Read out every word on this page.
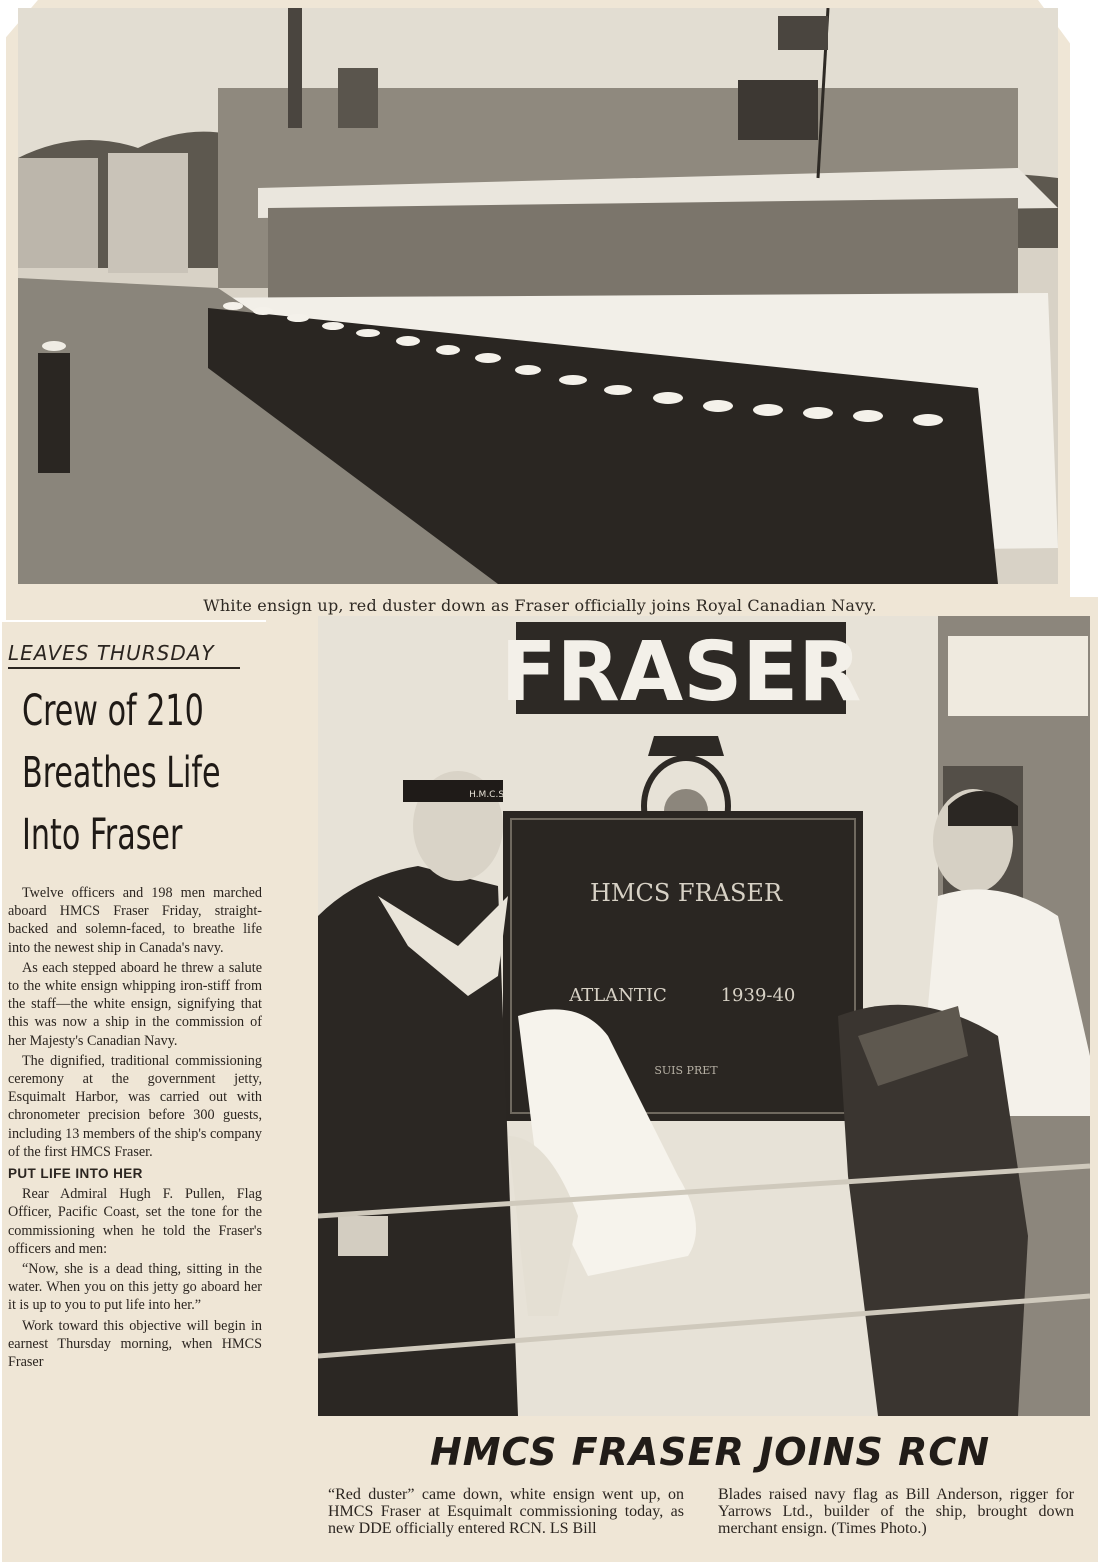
White ensign up, red duster down as Fraser officially joins Royal Canadian Navy.
LEAVES THURSDAY
Crew of 210
Breathes Life
Into Fraser

Twelve officers and 198 men marched aboard HMCS Fraser Friday, straight-backed and solemn-faced, to breathe life into the newest ship in Canada's navy.

As each stepped aboard he threw a salute to the white ensign whipping iron-stiff from the staff—the white ensign, signifying that this was now a ship in the commission of her Majesty's Canadian Navy.

The dignified, traditional commissioning ceremony at the government jetty, Esquimalt Harbor, was carried out with chronometer precision before 300 guests, including 13 members of the ship's company of the first HMCS Fraser.

PUT LIFE INTO HER

Rear Admiral Hugh F. Pullen, Flag Officer, Pacific Coast, set the tone for the commissioning when he told the Fraser's officers and men:

“Now, she is a dead thing, sitting in the water. When you on this jetty go aboard her it is up to you to put life into her.”

Work toward this objective will begin in earnest Thursday morning, when HMCS Fraser

FRASER
HMCS FRASER
ATLANTIC	1939-40
SUIS PRET
H.M.C.S.
HMCS FRASER JOINS RCN
“Red duster” came down, white ensign went up, on HMCS Fraser at Esquimalt commissioning today, as new DDE officially entered RCN. LS Bill
Blades raised navy flag as Bill Anderson, rigger for Yarrows Ltd., builder of the ship, brought down merchant ensign. (Times Photo.)
